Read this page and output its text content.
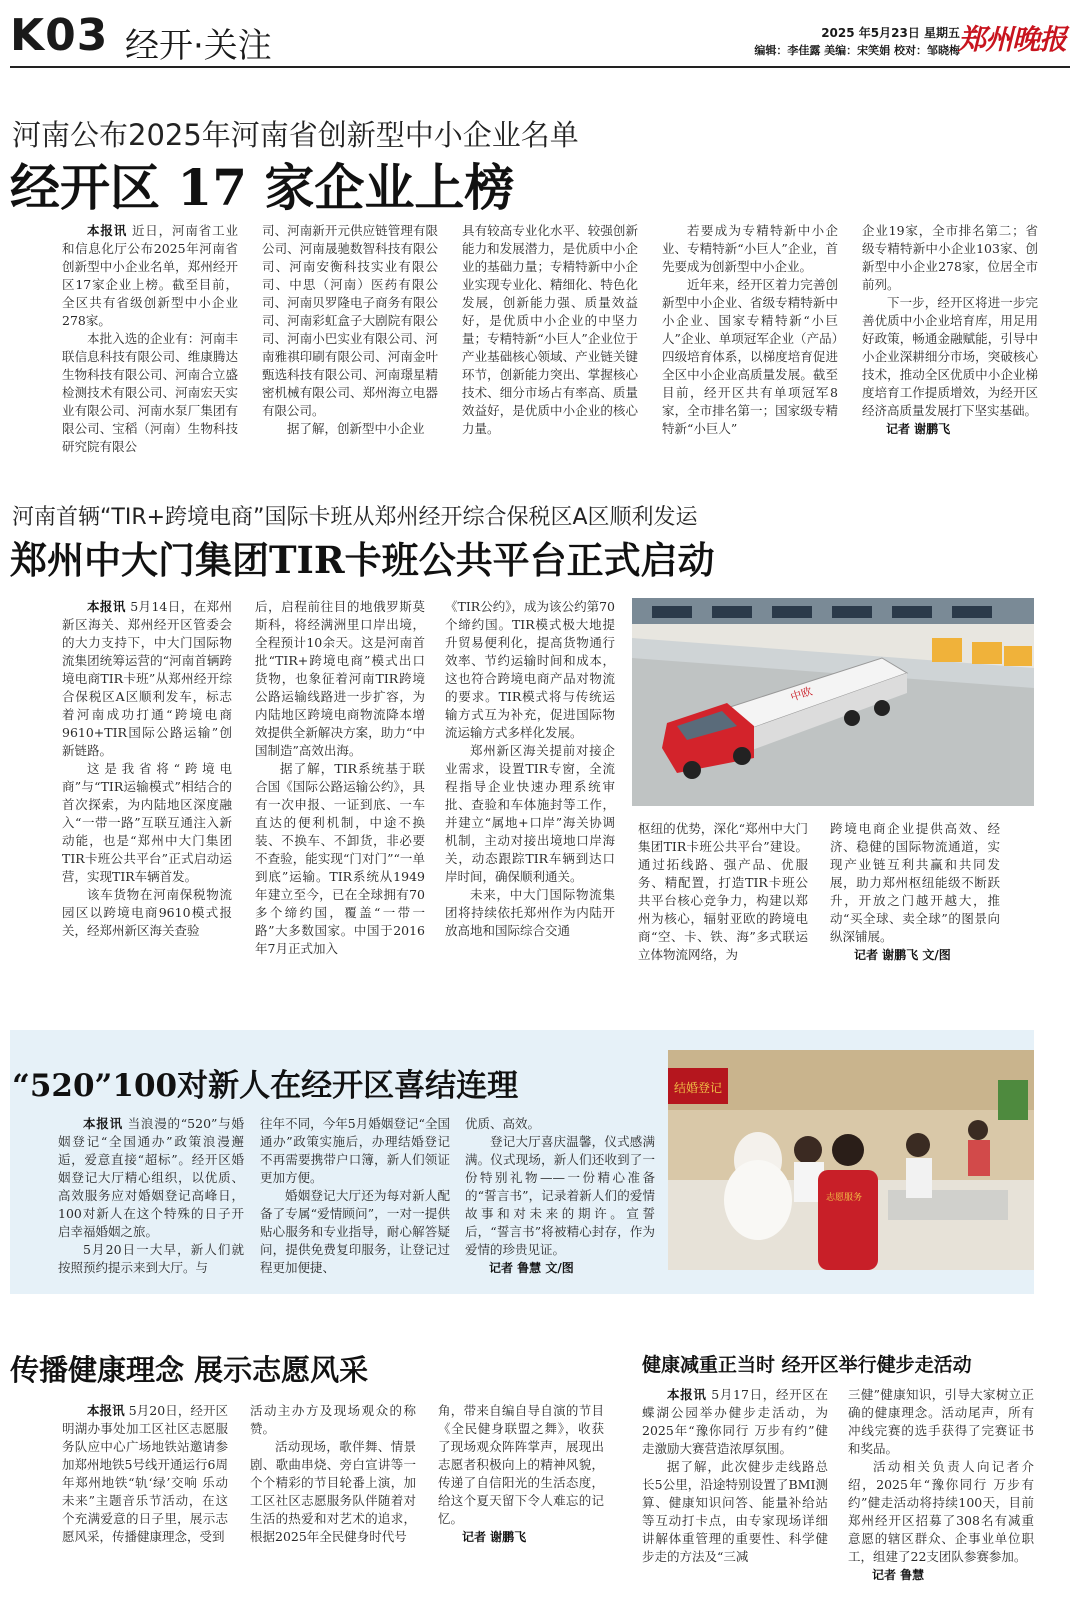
K03 经开·关注	2025 年5月23日 星期五
编辑：李佳露 美编：宋笑娟 校对：邹晓梅
郑州晚报
河南公布2025年河南省创新型中小企业名单
经开区 17 家企业上榜

本报讯 近日，河南省工业和信息化厅公布2025年河南省创新型中小企业名单，郑州经开区17家企业上榜。截至目前，全区共有省级创新型中小企业278家。

本批入选的企业有：河南丰联信息科技有限公司、维康腾达生物科技有限公司、河南合立盛检测技术有限公司、河南宏天实业有限公司、河南水泵厂集团有限公司、宝稻（河南）生物科技研究院有限公

司、河南新开元供应链管理有限公司、河南晟驰数智科技有限公司、河南安衡科技实业有限公司、中思（河南）医药有限公司、河南贝罗隆电子商务有限公司、河南彩虹盒子大剧院有限公司、河南小巴实业有限公司、河南雅祺印刷有限公司、河南金叶甄选科技有限公司、河南璟星精密机械有限公司、郑州海立电器有限公司。

据了解，创新型中小企业

具有较高专业化水平、较强创新能力和发展潜力，是优质中小企业的基础力量；专精特新中小企业实现专业化、精细化、特色化发展，创新能力强、质量效益好，是优质中小企业的中坚力量；专精特新“小巨人”企业位于产业基础核心领域、产业链关键环节，创新能力突出、掌握核心技术、细分市场占有率高、质量效益好，是优质中小企业的核心力量。

若要成为专精特新中小企业、专精特新“小巨人”企业，首先要成为创新型中小企业。

近年来，经开区着力完善创新型中小企业、省级专精特新中小企业、国家专精特新“小巨人”企业、单项冠军企业（产品）四级培育体系，以梯度培育促进全区中小企业高质量发展。截至目前，经开区共有单项冠军8家，全市排名第一；国家级专精特新“小巨人”

企业19家，全市排名第二；省级专精特新中小企业103家、创新型中小企业278家，位居全市前列。

下一步，经开区将进一步完善优质中小企业培育库，用足用好政策，畅通金融赋能，引导中小企业深耕细分市场，突破核心技术，推动全区优质中小企业梯度培育工作提质增效，为经开区经济高质量发展打下坚实基础。

记者 谢鹏飞
河南首辆“TIR+跨境电商”国际卡班从郑州经开综合保税区A区顺利发运
郑州中大门集团TIR卡班公共平台正式启动

本报讯 5月14日，在郑州新区海关、郑州经开区管委会的大力支持下，中大门国际物流集团统筹运营的“河南首辆跨境电商TIR卡班”从郑州经开综合保税区A区顺利发车，标志着河南成功打通“跨境电商9610+TIR国际公路运输”创新链路。

这是我省将“跨境电商”与“TIR运输模式”相结合的首次探索，为内陆地区深度融入“一带一路”互联互通注入新动能，也是“郑州中大门集团TIR卡班公共平台”正式启动运营，实现TIR车辆首发。

该车货物在河南保税物流园区以跨境电商9610模式报关，经郑州新区海关查验

后，启程前往目的地俄罗斯莫斯科，将经满洲里口岸出境，全程预计10余天。这是河南首批“TIR+跨境电商”模式出口货物，也象征着河南TIR跨境公路运输线路进一步扩容，为内陆地区跨境电商物流降本增效提供全新解决方案，助力“中国制造”高效出海。

据了解，TIR系统基于联合国《国际公路运输公约》，具有一次申报、一证到底、一车直达的便利机制，中途不换装、不换车、不卸货，非必要不查验，能实现“门对门”“一单到底”运输。TIR系统从1949年建立至今，已在全球拥有70多个缔约国，覆盖“一带一路”大多数国家。中国于2016年7月正式加入

《TIR公约》，成为该公约第70个缔约国。TIR模式极大地提升贸易便利化，提高货物通行效率、节约运输时间和成本，这也符合跨境电商产品对物流的要求。TIR模式将与传统运输方式互为补充，促进国际物流运输方式多样化发展。

郑州新区海关提前对接企业需求，设置TIR专窗，全流程指导企业快速办理系统审批、查验和车体施封等工作，并建立“属地+口岸”海关协调机制，主动对接出境地口岸海关，动态跟踪TIR车辆到达口岸时间，确保顺利通关。

未来，中大门国际物流集团将持续依托郑州作为内陆开放高地和国际综合交通

中欧

枢纽的优势，深化“郑州中大门集团TIR卡班公共平台”建设。通过拓线路、强产品、优服务、精配置，打造TIR卡班公共平台核心竞争力，构建以郑州为核心，辐射亚欧的跨境电商“空、卡、铁、海”多式联运立体物流网络，为

跨境电商企业提供高效、经济、稳健的国际物流通道，实现产业链互利共赢和共同发展，助力郑州枢纽能级不断跃升，开放之门越开越大，推动“买全球、卖全球”的图景向纵深铺展。

记者 谢鹏飞 文/图
“520”100对新人在经开区喜结连理

本报讯 当浪漫的“520”与婚姻登记“全国通办”政策浪漫邂逅，爱意直接“超标”。经开区婚姻登记大厅精心组织，以优质、高效服务应对婚姻登记高峰日，100对新人在这个特殊的日子开启幸福婚姻之旅。

5月20日一大早，新人们就按照预约提示来到大厅。与

往年不同，今年5月婚姻登记“全国通办”政策实施后，办理结婚登记不再需要携带户口簿，新人们领证更加方便。

婚姻登记大厅还为每对新人配备了专属“爱情顾问”，一对一提供贴心服务和专业指导，耐心解答疑问，提供免费复印服务，让登记过程更加便捷、

优质、高效。

登记大厅喜庆温馨，仪式感满满。仪式现场，新人们还收到了一份特别礼物——一份精心准备的“誓言书”，记录着新人们的爱情故事和对未来的期许。宣誓后，“誓言书”将被精心封存，作为爱情的珍贵见证。

记者 鲁慧 文/图
结婚登记
志愿服务
传播健康理念 展示志愿风采

本报讯 5月20日，经开区明湖办事处加工区社区志愿服务队应中心广场地铁站邀请参加郑州地铁5号线开通运行6周年郑州地铁“轨‘绿’交响 乐动未来”主题音乐节活动，在这个充满爱意的日子里，展示志愿风采，传播健康理念，受到

活动主办方及现场观众的称赞。

活动现场，歌伴舞、情景剧、歌曲串烧、旁白宣讲等一个个精彩的节目轮番上演，加工区社区志愿服务队伴随着对生活的热爱和对艺术的追求，根据2025年全民健身时代号

角，带来自编自导自演的节目《全民健身联盟之舞》，收获了现场观众阵阵掌声，展现出志愿者积极向上的精神风貌，传递了自信阳光的生活态度，给这个夏天留下令人难忘的记忆。

记者 谢鹏飞
健康减重正当时 经开区举行健步走活动

本报讯 5月17日，经开区在蝶湖公园举办健步走活动，为2025年“豫你同行 万步有约”健走激励大赛营造浓厚氛围。

据了解，此次健步走线路总长5公里，沿途特别设置了BMI测算、健康知识问答、能量补给站等互动打卡点，由专家现场详细讲解体重管理的重要性、科学健步走的方法及“三减

三健”健康知识，引导大家树立正确的健康理念。活动尾声，所有冲线完赛的选手获得了完赛证书和奖品。

活动相关负责人向记者介绍，2025年“豫你同行 万步有约”健走活动将持续100天，目前郑州经开区招募了308名有减重意愿的辖区群众、企事业单位职工，组建了22支团队参赛参加。

记者 鲁慧
